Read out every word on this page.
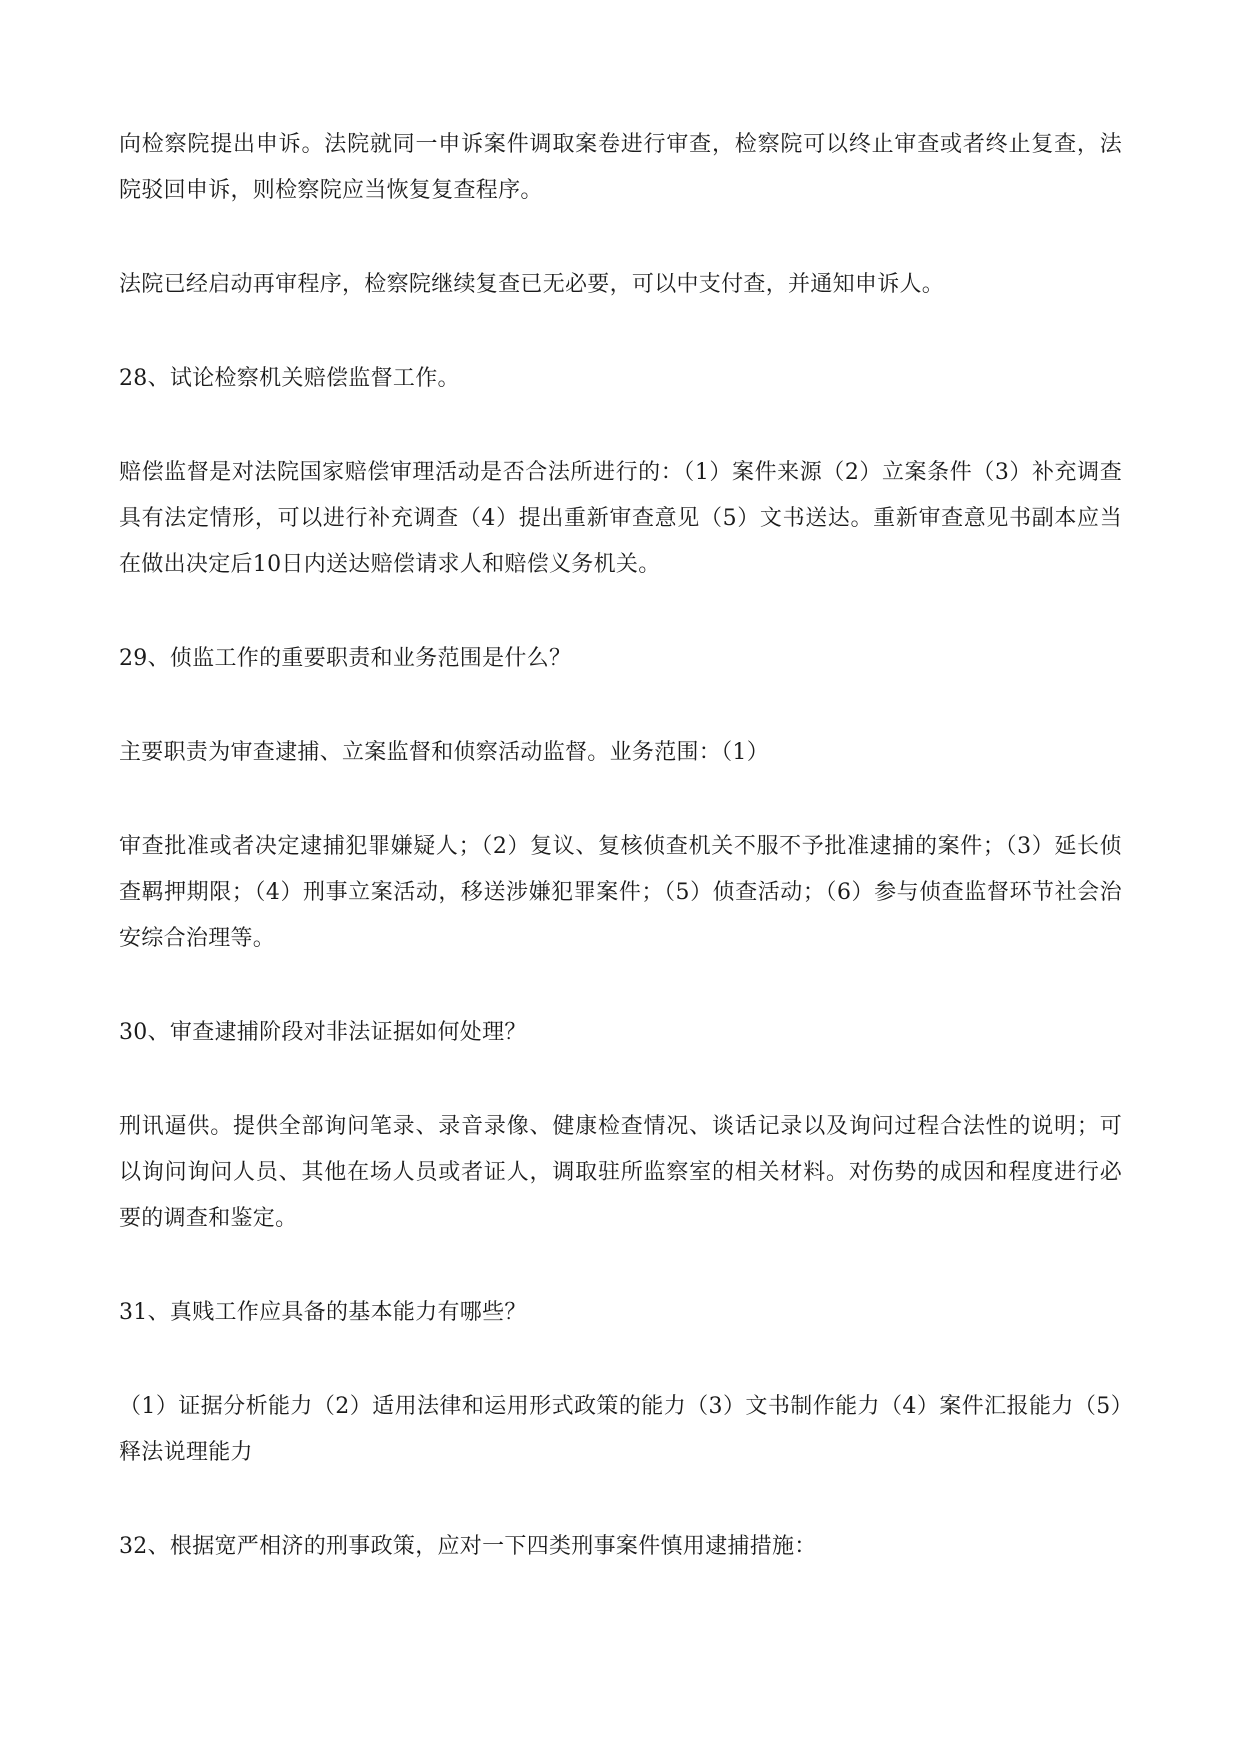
向检察院提出申诉。法院就同一申诉案件调取案卷进行审查，检察院可以终止审查或者终止复查，法院驳回申诉，则检察院应当恢复复查程序。

法院已经启动再审程序，检察院继续复查已无必要，可以中支付查，并通知申诉人。

28、试论检察机关赔偿监督工作。

赔偿监督是对法院国家赔偿审理活动是否合法所进行的：（1）案件来源（2）立案条件（3）补充调查具有法定情形，可以进行补充调查（4）提出重新审查意见（5）文书送达。重新审查意见书副本应当在做出决定后10日内送达赔偿请求人和赔偿义务机关。

29、侦监工作的重要职责和业务范围是什么？

主要职责为审查逮捕、立案监督和侦察活动监督。业务范围：（1）

审查批准或者决定逮捕犯罪嫌疑人；（2）复议、复核侦查机关不服不予批准逮捕的案件；（3）延长侦查羁押期限；（4）刑事立案活动，移送涉嫌犯罪案件；（5）侦查活动；（6）参与侦查监督环节社会治安综合治理等。

30、审查逮捕阶段对非法证据如何处理？

刑讯逼供。提供全部询问笔录、录音录像、健康检查情况、谈话记录以及询问过程合法性的说明；可以询问询问人员、其他在场人员或者证人，调取驻所监察室的相关材料。对伤势的成因和程度进行必要的调查和鉴定。

31、真贱工作应具备的基本能力有哪些？

（1）证据分析能力（2）适用法律和运用形式政策的能力（3）文书制作能力（4）案件汇报能力（5）释法说理能力

32、根据宽严相济的刑事政策，应对一下四类刑事案件慎用逮捕措施：
